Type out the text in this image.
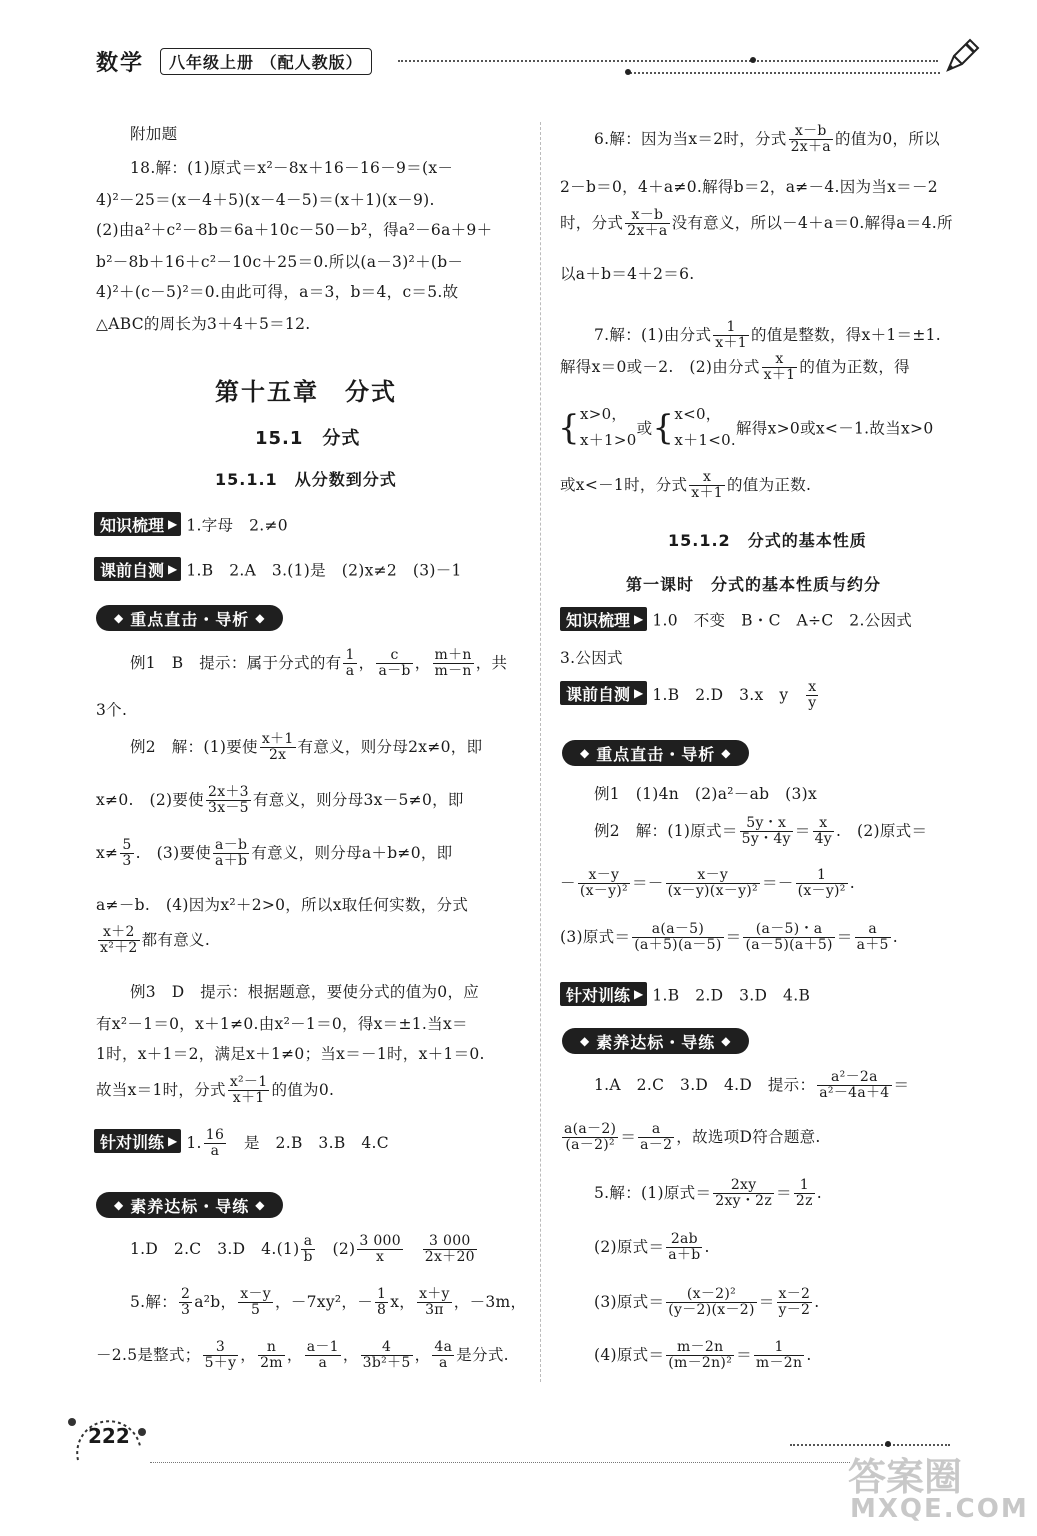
数学	八年级上册 （配人教版）
附加题
18.解：(1)原式＝x²－8x＋16－16－9＝(x－
4)²－25＝(x－4＋5)(x－4－5)＝(x＋1)(x－9).
(2)由a²＋c²－8b＝6a＋10c－50－b²，得a²－6a＋9＋
b²－8b＋16＋c²－10c＋25＝0.所以(a－3)²＋(b－
4)²＋(c－5)²＝0.由此可得，a＝3，b＝4，c＝5.故
△ABC的周长为3＋4＋5＝12.
第十五章　分式
15.1　分式
15.1.1　从分数到分式
知识梳理 ▶ 1.字母　2.≠0
课前自测 ▶ 1.B　2.A　3.(1)是　(2)x≠2　(3)－1
◆ 重点直击・导析 ◆
例1　B　提示：属于分式的有 $\frac{1}{a}$ ， $\frac{c}{a-b}$ ， $\frac{m+n}{m-n}$ ，共
3个.
例2　解：(1)要使 $\frac{x+1}{2x}$ 有意义，则分母2x≠0，即
x≠0.　(2)要使 $\frac{2x+3}{3x-5}$ 有意义，则分母3x－5≠0，即
$x\ne \frac{5}{3}$ .　(3)要使 $\frac{a-b}{a+b}$ 有意义，则分母a＋b≠0，即
a≠－b.　(4)因为x²＋2>0，所以x取任何实数，分式
$\frac{x+2}{\text{x²＋2}}$ 都有意义.
例3　D　提示：根据题意，要使分式的值为0，应
有x²－1＝0，x＋1≠0.由x²－1＝0，得x＝±1.当x＝
1时，x＋1＝2，满足x＋1≠0；当x＝－1时，x＋1＝0.
故当x＝1时，分式 $\frac{\text{x²－1}}{x+1}$ 的值为0.
针对训练 ▶ 1. $\frac{16}{a}$ 　是　2.B　3.B　4.C
◆ 素养达标・导练 ◆
1.D　2.C　3.D　$4.(1) \frac{a}{b}$ 　$(2) \frac{3 000}{x}$
　 $\frac{3 000}{2x+20}$
5.解： $\frac{2}{3} a^2b$， $\frac{x-y}{5}$ ，－7xy²，－ $\frac{1}{8}$ x， $\frac{x+y}{3\pi}$ ，－3m，
－2.5是整式； $\frac{3}{5+y}$ ， $\frac{n}{2m}$ ， $\frac{a-1}{a}$ ， $\frac{4}{\text{3b²＋5}}$ ， $\frac{4a}{a}$ 是分式.
6.解：因为当x＝2时，分式 $\frac{x-b}{2x+a}$ 的值为0，所以
2－b＝0，4＋a≠0.解得b＝2，a≠－4.因为当x＝－2
时，分式 $\frac{x-b}{2x+a}$ 没有意义，所以－4＋a＝0.解得a＝4.所
以a＋b＝4＋2＝6.
7.解：(1)由分式 $\frac{1}{x+1}$ 的值是整数，得x＋1＝±1.
解得x＝0或－2.　(2)由分式 $\frac{x}{x+1}$ 的值为正数，得
{ x>0，
x＋1>0
或{ x<0，
x＋1<0.
解得x>0或x<－1.故当x>0
或x<－1时，分式 $\frac{x}{x+1}$ 的值为正数.
15.1.2　分式的基本性质
第一课时　分式的基本性质与约分
知识梳理 ▶ 1.0　不变　B・C　A÷C　2.公因式
3.公因式
课前自测 ▶ 1.B　2.D　3.x　y　 $\frac{x}{y}$
◆ 重点直击・导析 ◆
例1　(1)4n　(2)a²－ab　(3)x
例2　解：(1)原式＝ $\frac{5y・x}{5y・4y} = \frac{x}{4y}$ .　(2)原式＝
－ $\frac{x-y}{\text{(x－y)²}} =- \frac{x-y}{\text{(x－y)(x－y)²}} =- \frac{1}{\text{(x－y)²}}$ .
(3)原式＝ $\frac{a(a-5)}{(a+5)(a-5)} = \frac{(a-5)・a}{(a-5)(a+5)} = \frac{a}{a+5}$ .
针对训练 ▶ 1.B　2.D　3.D　4.B
◆ 素养达标・导练 ◆
1.A　2.C　3.D　4.D　提示： $\frac{\text{a²－2a}}{\text{a²－4a＋4}}$ ＝
$\frac{a(a-2)}{\text{(a－2)²}} = \frac{a}{a-2}$ ，故选项D符合题意.
5.解：(1)原式＝ $\frac{2xy}{2xy・2z} = \frac{1}{2z}$ .
(2)原式＝ $\frac{2ab}{a+b}$ .
(3)原式＝ $\frac{\text{(x－2)²}}{(y-2)(x-2)} = \frac{x-2}{y-2}$ .
(4)原式＝ $\frac{m-2n}{\text{(m－2n)²}} = \frac{1}{m-2n}$ .
222
答案圈
MXQE.COM
